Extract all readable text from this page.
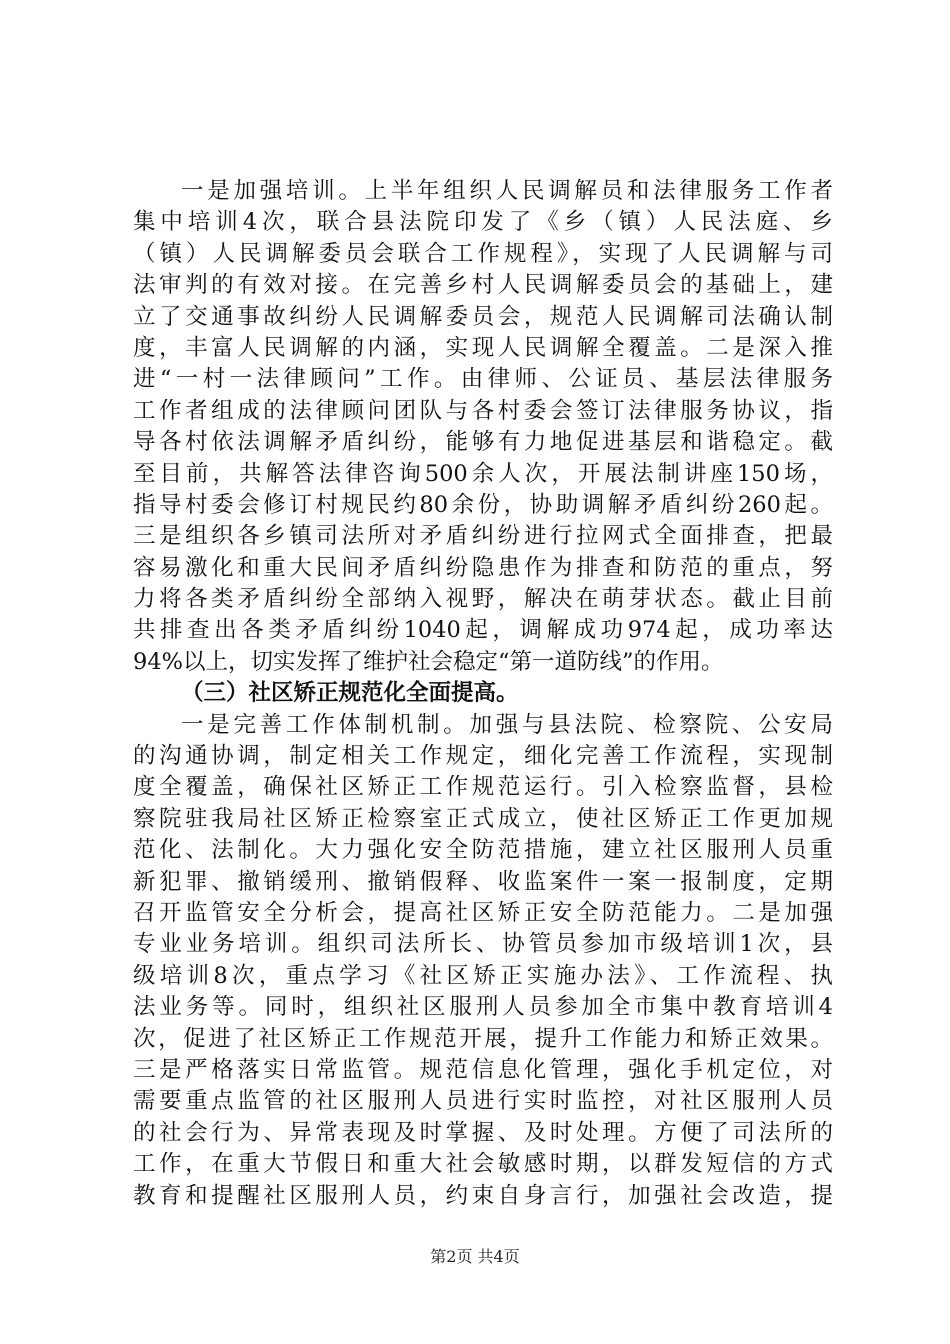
一是加强培训。上半年组织人民调解员和法律服务工作者
集中培训4次，联合县法院印发了《乡（镇）人民法庭、乡
（镇）人民调解委员会联合工作规程》，实现了人民调解与司
法审判的有效对接。在完善乡村人民调解委员会的基础上，建
立了交通事故纠纷人民调解委员会，规范人民调解司法确认制
度，丰富人民调解的内涵，实现人民调解全覆盖。二是深入推
进“一村一法律顾问”工作。由律师、公证员、基层法律服务
工作者组成的法律顾问团队与各村委会签订法律服务协议，指
导各村依法调解矛盾纠纷，能够有力地促进基层和谐稳定。截
至目前，共解答法律咨询500余人次，开展法制讲座150场，
指导村委会修订村规民约80余份，协助调解矛盾纠纷260起。
三是组织各乡镇司法所对矛盾纠纷进行拉网式全面排查，把最
容易激化和重大民间矛盾纠纷隐患作为排查和防范的重点，努
力将各类矛盾纠纷全部纳入视野，解决在萌芽状态。截止目前
共排查出各类矛盾纠纷1040起，调解成功974起，成功率达
94%以上，切实发挥了维护社会稳定“第一道防线”的作用。
（三）社区矫正规范化全面提高。
一是完善工作体制机制。加强与县法院、检察院、公安局
的沟通协调，制定相关工作规定，细化完善工作流程，实现制
度全覆盖，确保社区矫正工作规范运行。引入检察监督，县检
察院驻我局社区矫正检察室正式成立，使社区矫正工作更加规
范化、法制化。大力强化安全防范措施，建立社区服刑人员重
新犯罪、撤销缓刑、撤销假释、收监案件一案一报制度，定期
召开监管安全分析会，提高社区矫正安全防范能力。二是加强
专业业务培训。组织司法所长、协管员参加市级培训1次，县
级培训8次，重点学习《社区矫正实施办法》、工作流程、执
法业务等。同时，组织社区服刑人员参加全市集中教育培训4
次，促进了社区矫正工作规范开展，提升工作能力和矫正效果。
三是严格落实日常监管。规范信息化管理，强化手机定位，对
需要重点监管的社区服刑人员进行实时监控，对社区服刑人员
的社会行为、异常表现及时掌握、及时处理。方便了司法所的
工作，在重大节假日和重大社会敏感时期，以群发短信的方式
教育和提醒社区服刑人员，约束自身言行，加强社会改造，提
第2页 共4页
